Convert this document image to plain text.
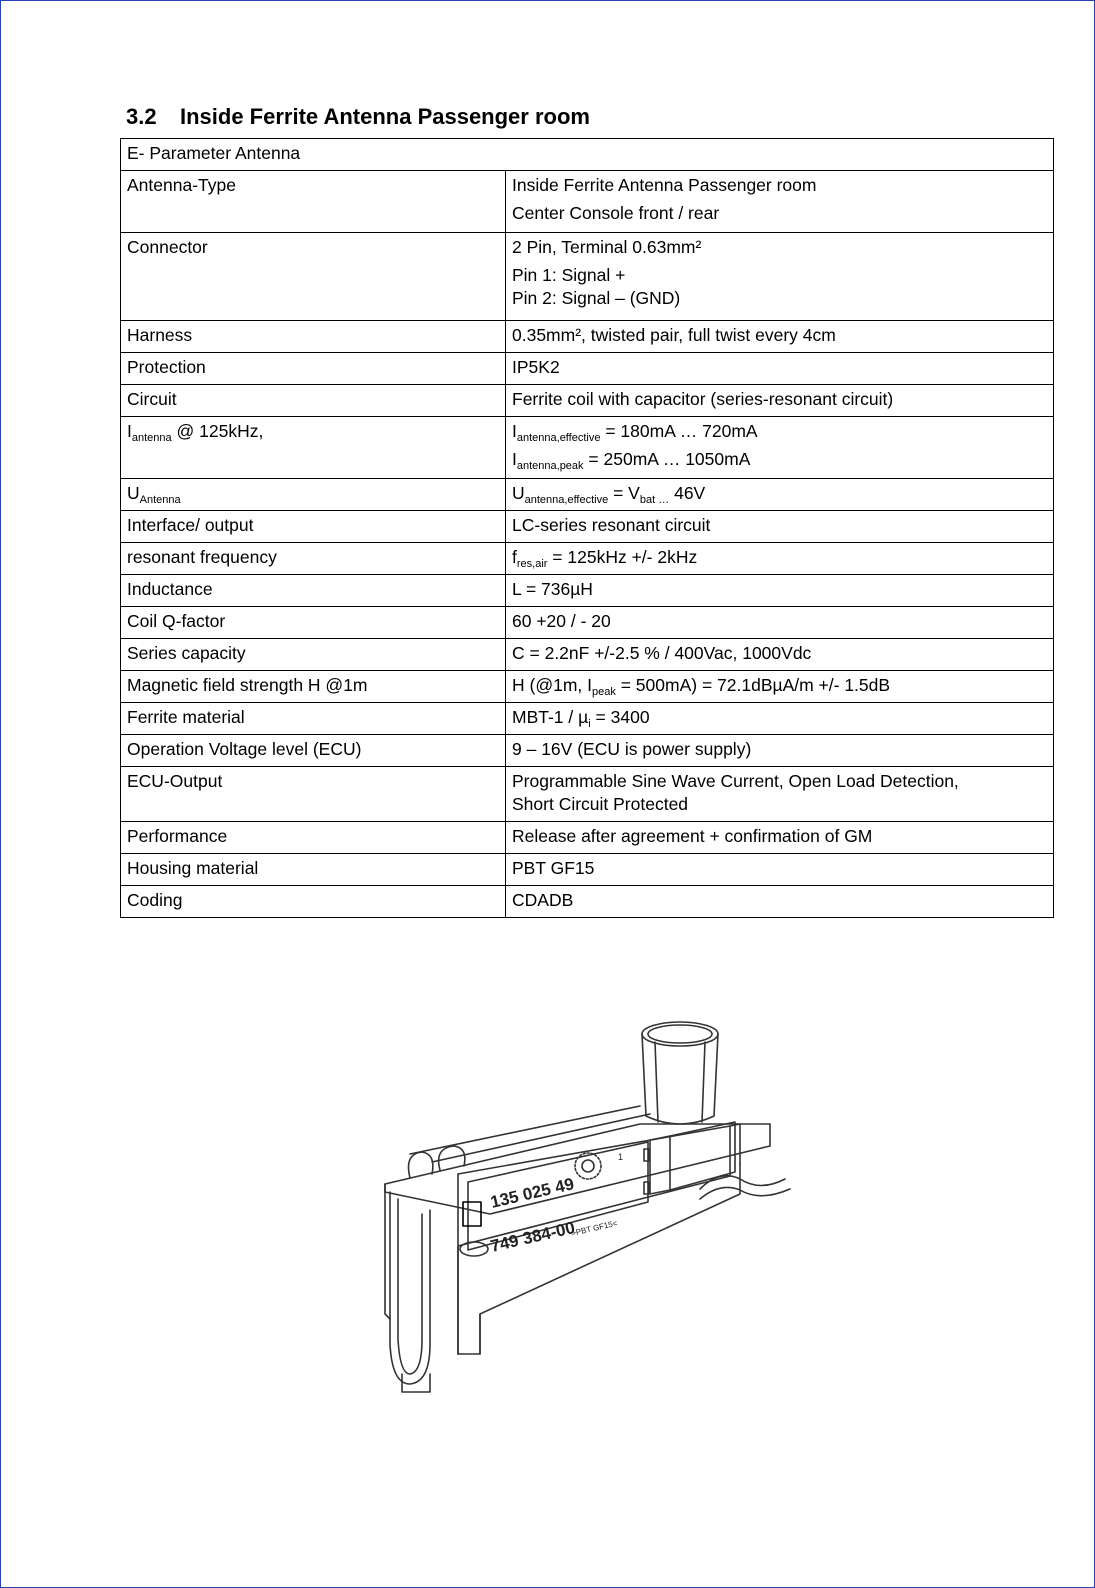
3.2 Inside Ferrite Antenna Passenger room
E- Parameter Antenna	
Antenna-Type	Inside Ferrite Antenna Passenger room
Center Console front / rear

Connector	2 Pin, Terminal 0.63mm²
Pin 1: Signal +
Pin 2: Signal – (GND)

Harness	0.35mm², twisted pair, full twist every 4cm
Protection	IP5K2
Circuit	Ferrite coil with capacitor (series-resonant circuit)
$I_{antenna}$ @ 125kHz,	$I_{antenna,effective} = 180mA$ … 720mA
$I_{antenna,peak} = 250mA$ … 1050mA

$U_{Antenna}$	$U_{antenna,effective} = V_{bat \dots}$ 46V
Interface/ output	LC-series resonant circuit
resonant frequency	$f_{res,air} = 125kHz$ +/- 2kHz
Inductance	L = 736µH
Coil Q-factor	60 +20 / - 20
Series capacity	C = 2.2nF +/-2.5 % / 400Vac, 1000Vdc
Magnetic field strength H @1m	H (@1m, $I_{peak} = 500mA) = 72.1dB\mu A/m$ +/- 1.5dB
Ferrite material	MBT-1 / µ$_i$ = 3400
Operation Voltage level (ECU)	9 – 16V (ECU is power supply)
ECU-Output	Programmable Sine Wave Current, Open Load Detection,
Short Circuit Protected

Performance	Release after agreement + confirmation of GM
Housing material	PBT GF15
Coding	CDADB
135 025 49
749 384-00
>PBT GF15<
1
